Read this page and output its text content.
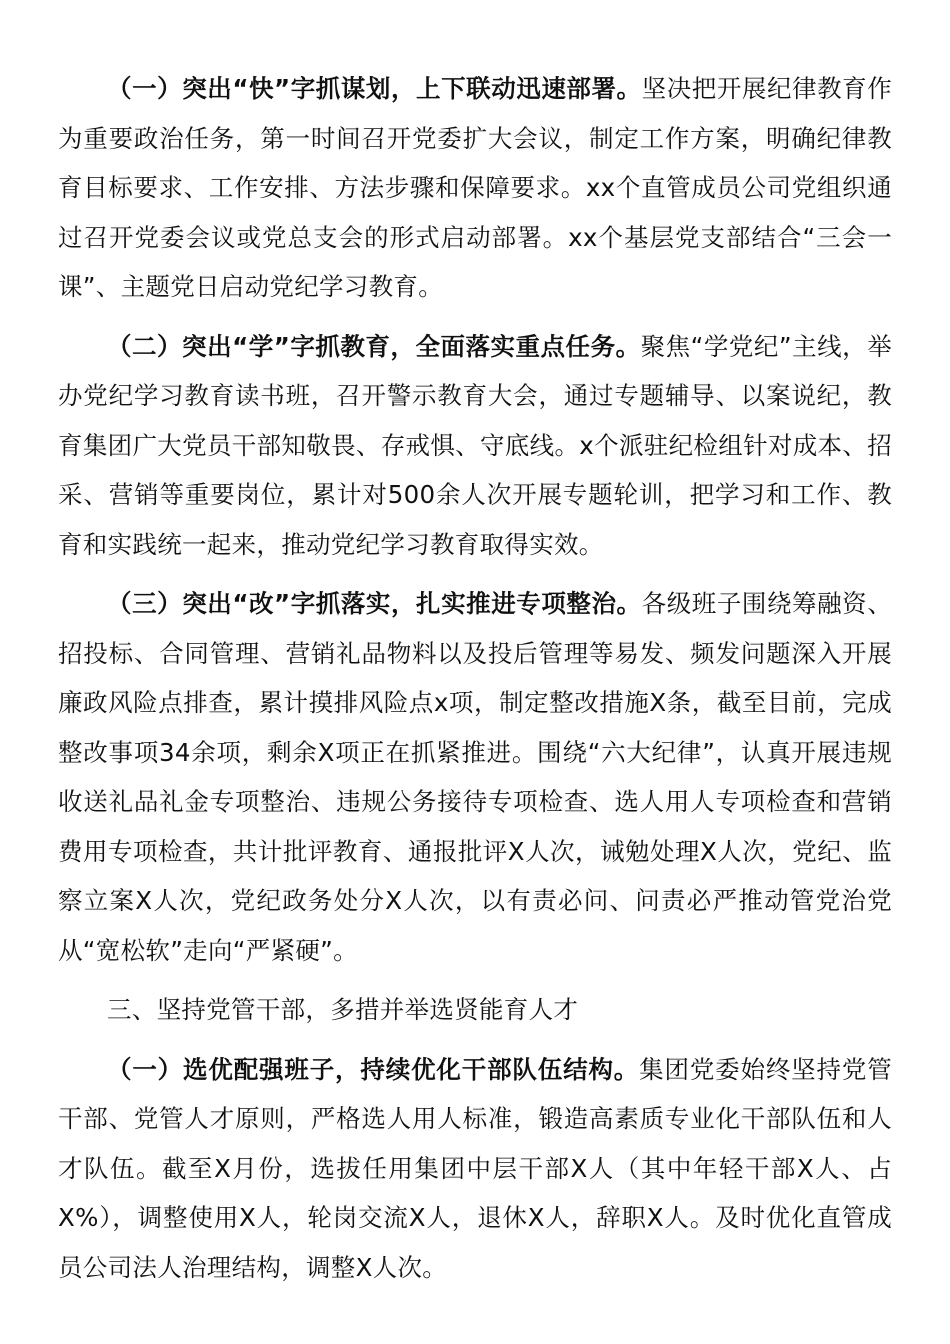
（一）突出“快”字抓谋划，上下联动迅速部署。坚决把开展纪律教育作为重要政治任务，第一时间召开党委扩大会议，制定工作方案，明确纪律教育目标要求、工作安排、方法步骤和保障要求。xx个直管成员公司党组织通过召开党委会议或党总支会的形式启动部署。xx个基层党支部结合“三会一课”、主题党日启动党纪学习教育。

（二）突出“学”字抓教育，全面落实重点任务。聚焦“学党纪”主线，举办党纪学习教育读书班，召开警示教育大会，通过专题辅导、以案说纪，教育集团广大党员干部知敬畏、存戒惧、守底线。x个派驻纪检组针对成本、招采、营销等重要岗位，累计对500余人次开展专题轮训，把学习和工作、教育和实践统一起来，推动党纪学习教育取得实效。

（三）突出“改”字抓落实，扎实推进专项整治。各级班子围绕筹融资、招投标、合同管理、营销礼品物料以及投后管理等易发、频发问题深入开展廉政风险点排查，累计摸排风险点x项，制定整改措施X条，截至目前，完成整改事项34余项，剩余X项正在抓紧推进。围绕“六大纪律”，认真开展违规收送礼品礼金专项整治、违规公务接待专项检查、选人用人专项检查和营销费用专项检查，共计批评教育、通报批评X人次，诫勉处理X人次，党纪、监察立案X人次，党纪政务处分X人次，以有责必问、问责必严推动管党治党从“宽松软”走向“严紧硬”。

三、坚持党管干部，多措并举选贤能育人才

（一）选优配强班子，持续优化干部队伍结构。集团党委始终坚持党管干部、党管人才原则，严格选人用人标准，锻造高素质专业化干部队伍和人才队伍。截至X月份，选拔任用集团中层干部X人（其中年轻干部X人、占X%），调整使用X人，轮岗交流X人，退休X人，辞职X人。及时优化直管成员公司法人治理结构，调整X人次。
